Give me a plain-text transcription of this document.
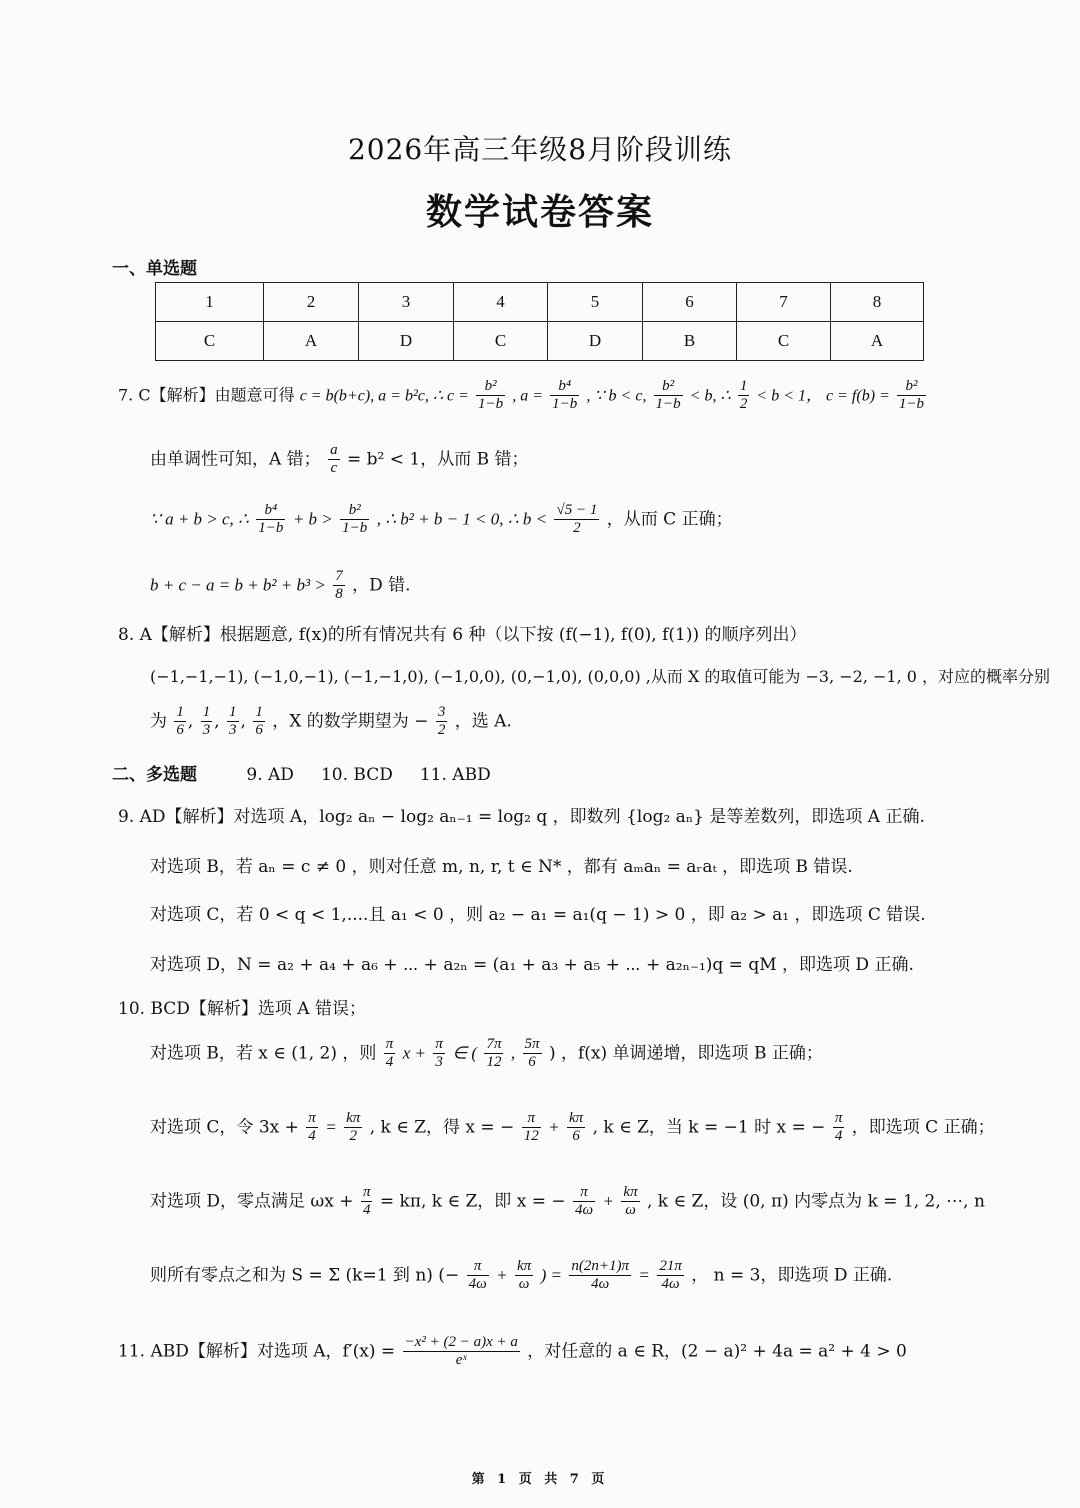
2026年高三年级8月阶段训练
数学试卷答案
一、单选题
1	2	3	4	5	6	7	8
C	A	D	C	D	B	C	A
7. C【解析】由题意可得 c = b(b+c), a = b²c, ∴ $c = \frac{\text{b²}}{1-b}$ , $a = \frac{\text{b⁴}}{1-b}$ , ∵ b < c, $\frac{\text{b²}}{1-b} < b$, ∴ $\frac{1}{2} < b < 1$， $c = f(b) = \frac{\text{b²}}{1-b}$
由单调性可知，A 错； $\frac{a}{c} = b^2 < 1$，从而 B 错；
∵ a + b > c, ∴ $\frac{\text{b⁴}}{1-b} + b > \frac{\text{b²}}{1-b}$ , ∴ b² + b − 1 < 0, ∴ $b < \frac{√5 - 1}{2}$ ，从而 C 正确；
$b + c - a = b + b^2 + b^3 > \frac{7}{8}$ ，D 错.
8. A【解析】根据题意, f(x)的所有情况共有 6 种（以下按 (f(−1), f(0), f(1)) 的顺序列出）
(−1,−1,−1), (−1,0,−1), (−1,−1,0), (−1,0,0), (0,−1,0), (0,0,0) ,从而 X 的取值可能为 −3, −2, −1, 0 ，对应的概率分别
为 $\frac{1}{6}$ , $\frac{1}{3}$ , $\frac{1}{3}$ , $\frac{1}{6}$ ，X 的数学期望为 − $\frac{3}{2}$ ，选 A.
二、多选题	9. AD     10. BCD     11. ABD
9. AD【解析】对选项 A，log₂ aₙ − log₂ aₙ₋₁ = log₂ q ，即数列 {log₂ aₙ} 是等差数列，即选项 A 正确.
对选项 B，若 aₙ = c ≠ 0 ，则对任意 m, n, r, t ∈ N* ，都有 aₘaₙ = aᵣaₜ ，即选项 B 错误.
对选项 C，若 0 < q < 1,....且 a₁ < 0 ，则 a₂ − a₁ = a₁(q − 1) > 0 ，即 a₂ > a₁ ，即选项 C 错误.
对选项 D，N = a₂ + a₄ + a₆ + ⋯ + a₂ₙ = (a₁ + a₃ + a₅ + ⋯ + a₂ₙ₋₁)q = qM ，即选项 D 正确.
10. BCD【解析】选项 A 错误；
对选项 B，若 x ∈ (1, 2) ，则 $\frac{\pi}{4}$ $x + \frac{\pi}{3}$ ∈ ( $\frac{7\pi}{12}$ , $\frac{5\pi}{6}$ ) ，f(x) 单调递增，即选项 B 正确；
对选项 C，令 $3x + \frac{\pi}{4} = \frac{k\pi}{2}$ , k ∈ Z，得 x = − $\frac{\pi}{12} + \frac{k\pi}{6}$ , k ∈ Z，当 k = −1 时 x = − $\frac{\pi}{4}$ ，即选项 C 正确；
对选项 D，零点满足 $\omega x + \frac{\pi}{4} = k\pi$, k ∈ Z，即 x = − $\frac{\pi}{4\omega} + \frac{k\pi}{\omega}$ , k ∈ Z，设 (0, π) 内零点为 k = 1, 2, ⋯, n
则所有零点之和为 S = Σ (k=1 到 n) (− $\frac{\pi}{4\omega} + \frac{k\pi}{\omega}$ ) = $\frac{n(2n+1)\pi}{4\omega} = \frac{21\pi}{4\omega}$ ， n = 3，即选项 D 正确.
11. ABD【解析】对选项 A，$f'(x) = \frac{\text{−x² + (2 − a)x + a}}{\text{eˣ}}$ ，对任意的 a ∈ R，(2 − a)² + 4a = a² + 4 > 0
第 1 页 共 7 页
